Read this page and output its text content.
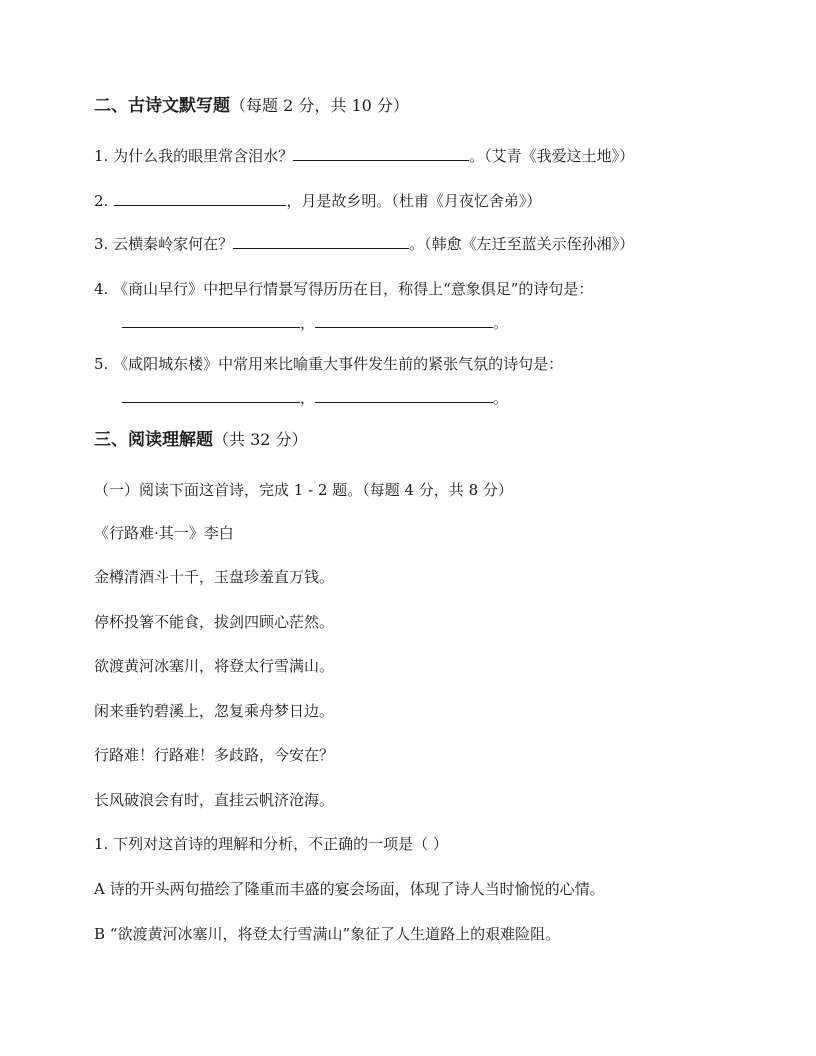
二、古诗文默写题（每题 2 分，共 10 分）
1. 为什么我的眼里常含泪水？	。（艾青《我爱这土地》）
2.	，月是故乡明。（杜甫《月夜忆舍弟》）
3. 云横秦岭家何在？	。（韩愈《左迁至蓝关示侄孙湘》）
4. 《商山早行》中把早行情景写得历历在目，称得上“意象俱足”的诗句是：
，	。
5. 《咸阳城东楼》中常用来比喻重大事件发生前的紧张气氛的诗句是：
，	。
三、阅读理解题（共 32 分）
（一）阅读下面这首诗，完成 1 - 2 题。（每题 4 分，共 8 分）
《行路难·其一》李白
金樽清酒斗十千，玉盘珍羞直万钱。
停杯投箸不能食，拔剑四顾心茫然。
欲渡黄河冰塞川，将登太行雪满山。
闲来垂钓碧溪上，忽复乘舟梦日边。
行路难！行路难！多歧路，今安在？
长风破浪会有时，直挂云帆济沧海。
1. 下列对这首诗的理解和分析，不正确的一项是（ ）
A 诗的开头两句描绘了隆重而丰盛的宴会场面，体现了诗人当时愉悦的心情。
B “欲渡黄河冰塞川，将登太行雪满山”象征了人生道路上的艰难险阻。
